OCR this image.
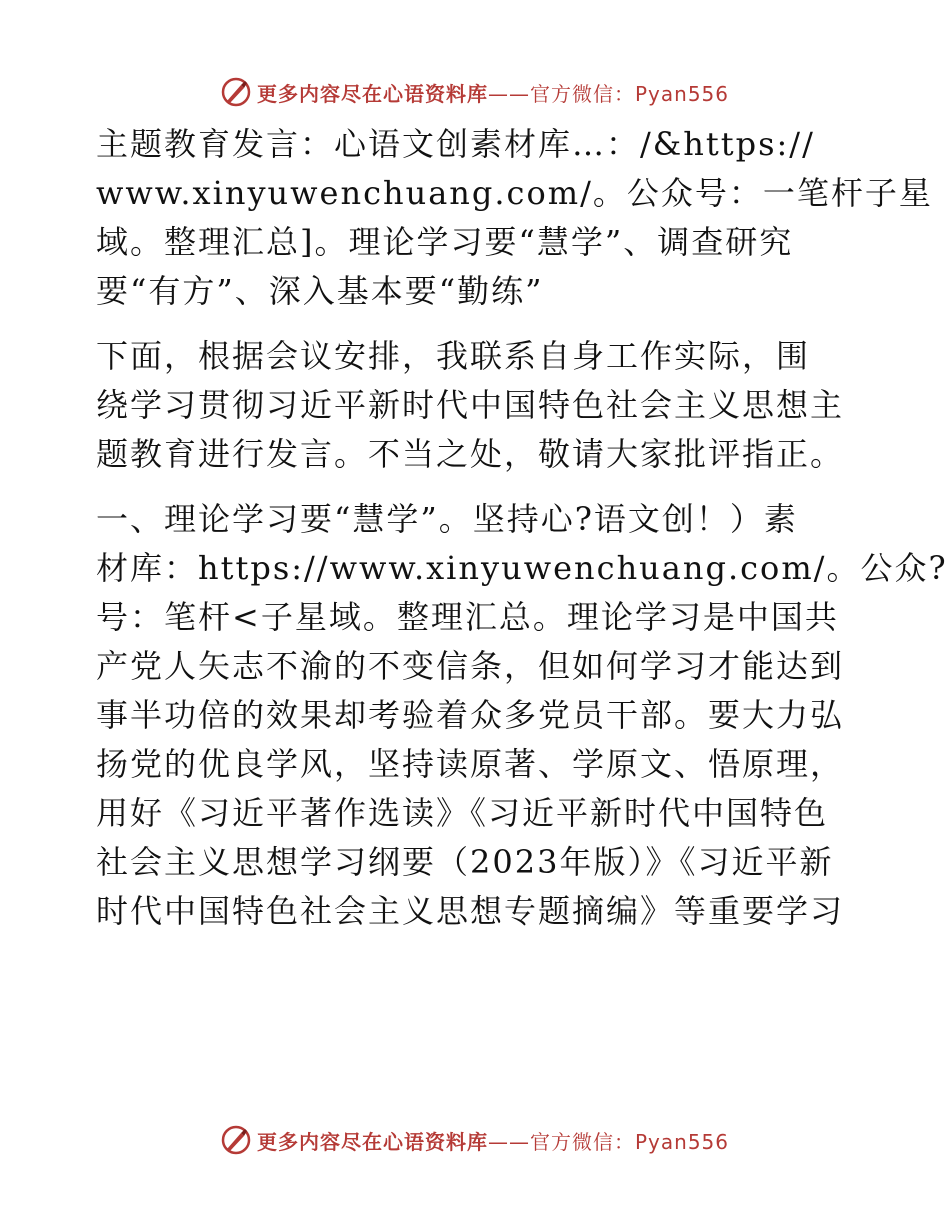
更多内容尽在心语资料库——官方微信：Pyan556
主题教育发言：心语文创素材库…：/&https://
www.xinyuwenchuang.com/。公众号：一笔杆子星
域。整理汇总]。理论学习要“慧学”、调查研究
要“有方”、深入基本要“勤练”
下面，根据会议安排，我联系自身工作实际，围
绕学习贯彻习近平新时代中国特色社会主义思想主
题教育进行发言。不当之处，敬请大家批评指正。
一、理论学习要“慧学”。坚持心?语文创！）素
材库：https://www.xinyuwenchuang.com/。公众?
号：笔杆<子星域。整理汇总。理论学习是中国共
产党人矢志不渝的不变信条，但如何学习才能达到
事半功倍的效果却考验着众多党员干部。要大力弘
扬党的优良学风，坚持读原著、学原文、悟原理，
用好《习近平著作选读》《习近平新时代中国特色
社会主义思想学习纲要（2023年版）》《习近平新
时代中国特色社会主义思想专题摘编》等重要学习
更多内容尽在心语资料库——官方微信：Pyan556
